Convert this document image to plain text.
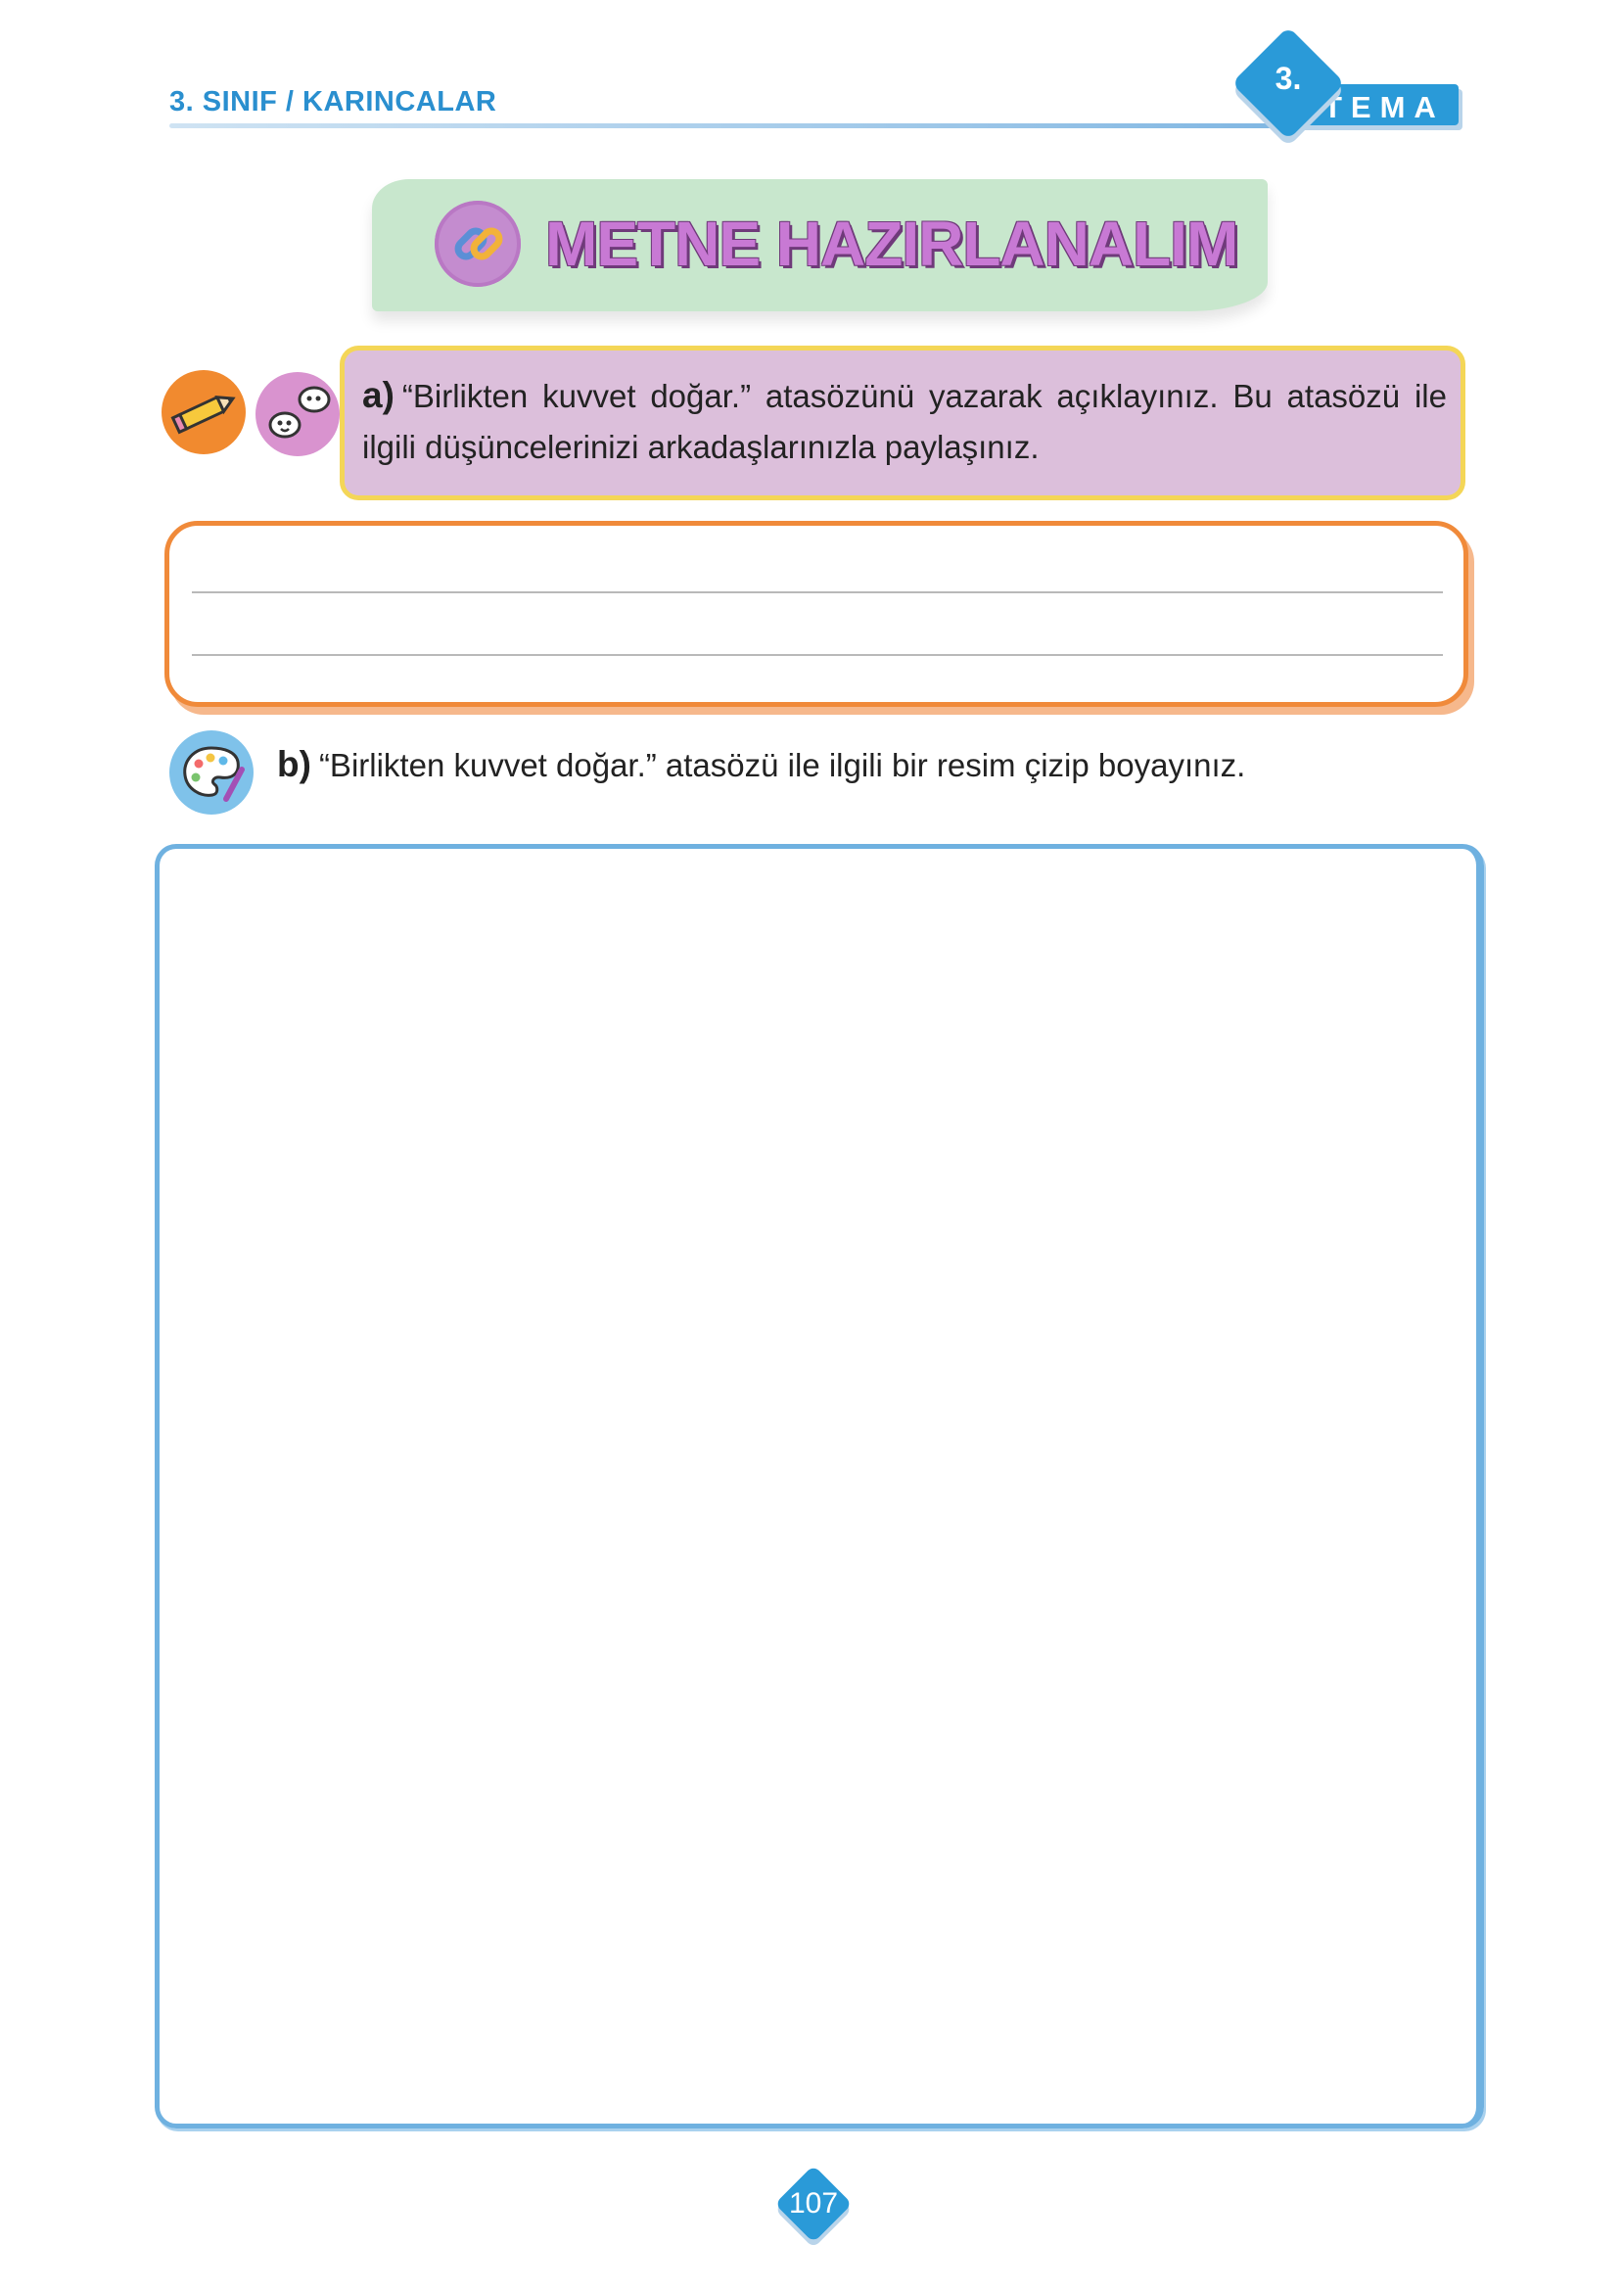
3. SINIF / KARINCALAR	TEMA
3.
METNE HAZIRLANALIM
a) “Birlikten kuvvet doğar.” atasözünü yazarak açıklayınız. Bu atasözü ile ilgili düşüncelerinizi arkadaşlarınızla paylaşınız.
b) “Birlikten kuvvet doğar.” atasözü ile ilgili bir resim çizip boyayınız.
107
